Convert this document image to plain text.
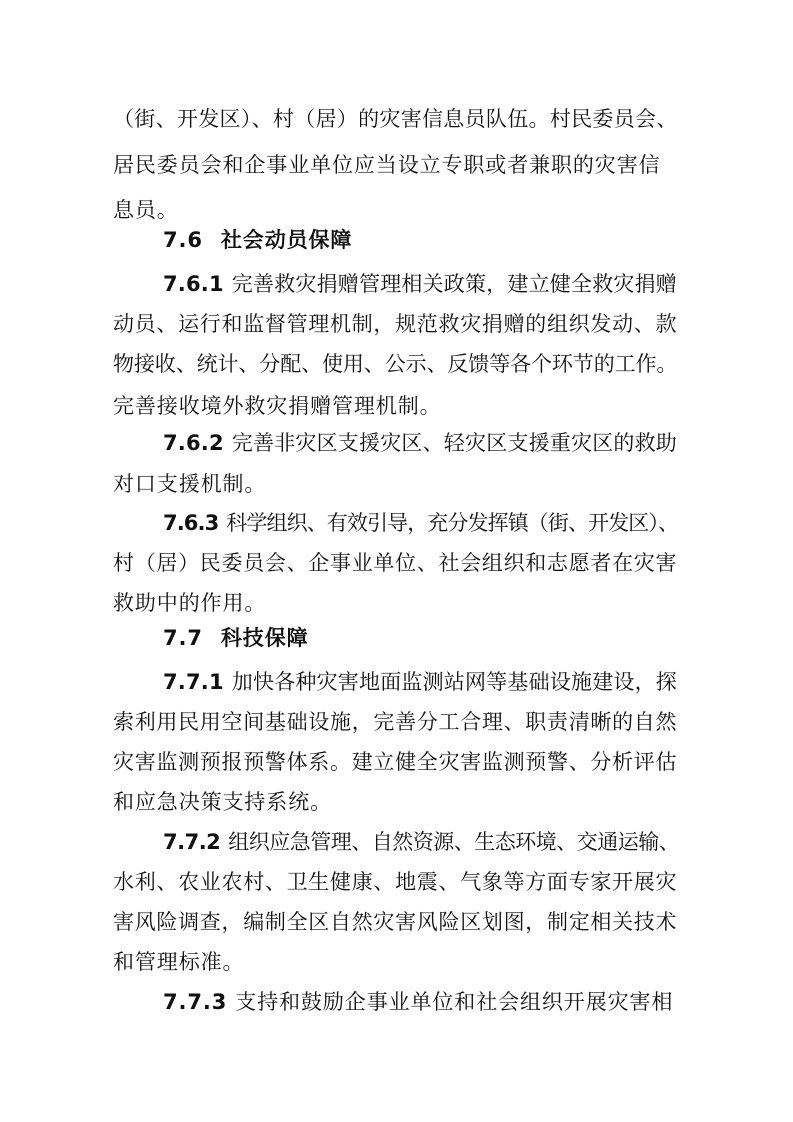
（街、开发区）、村（居）的灾害信息员队伍。村民委员会、
居民委员会和企事业单位应当设立专职或者兼职的灾害信
息员。
7.6 社会动员保障
7.6.1 完善救灾捐赠管理相关政策，建立健全救灾捐赠
动员、运行和监督管理机制，规范救灾捐赠的组织发动、款
物接收、统计、分配、使用、公示、反馈等各个环节的工作。
完善接收境外救灾捐赠管理机制。
7.6.2 完善非灾区支援灾区、轻灾区支援重灾区的救助
对口支援机制。
7.6.3 科学组织、有效引导，充分发挥镇（街、开发区）、
村（居）民委员会、企事业单位、社会组织和志愿者在灾害
救助中的作用。
7.7 科技保障
7.7.1 加快各种灾害地面监测站网等基础设施建设，探
索利用民用空间基础设施，完善分工合理、职责清晰的自然
灾害监测预报预警体系。建立健全灾害监测预警、分析评估
和应急决策支持系统。
7.7.2 组织应急管理、自然资源、生态环境、交通运输、
水利、农业农村、卫生健康、地震、气象等方面专家开展灾
害风险调查，编制全区自然灾害风险区划图，制定相关技术
和管理标准。
7.7.3 支持和鼓励企事业单位和社会组织开展灾害相
